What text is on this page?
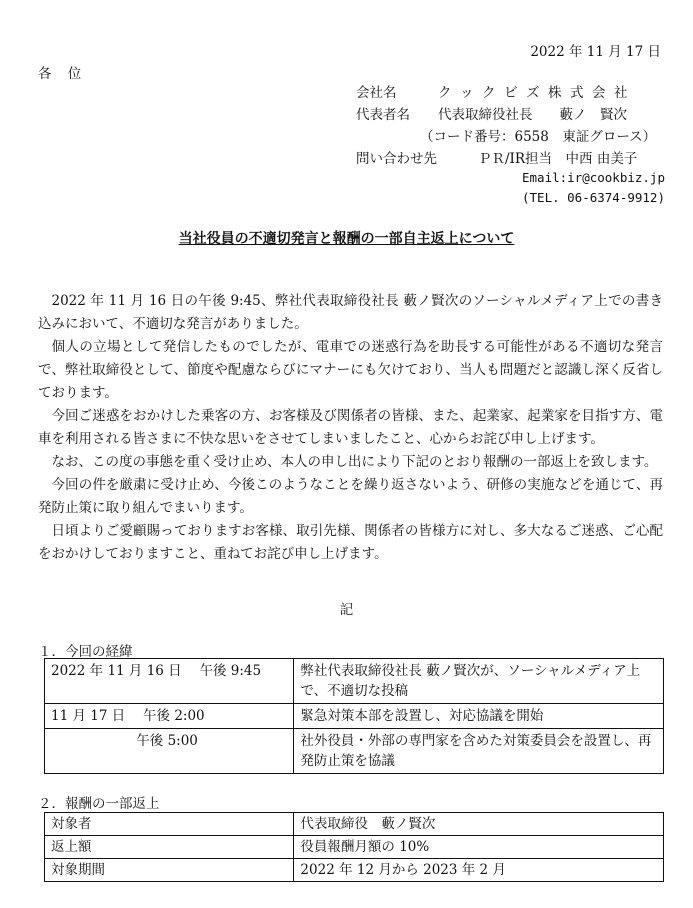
2022 年 11 月 17 日
各 位
会社名	クックビズ株式会社
代表者名 代表取締役社長　　藪ノ　賢次
（コード番号：6558　東証グロース）
問い合わせ先	ＰＲ/IR担当　中西 由美子
Email:ir@cookbiz.jp
(TEL. 06-6374-9912)
当社役員の不適切発言と報酬の一部自主返上について

2022 年 11 月 16 日の午後 9:45、弊社代表取締役社長 藪ノ賢次のソーシャルメディア上での書き込みにおいて、不適切な発言がありました。

個人の立場として発信したものでしたが、電車での迷惑行為を助長する可能性がある不適切な発言で、弊社取締役として、節度や配慮ならびにマナーにも欠けており、当人も問題だと認識し深く反省しております。

今回ご迷惑をおかけした乗客の方、お客様及び関係者の皆様、また、起業家、起業家を目指す方、電車を利用される皆さまに不快な思いをさせてしまいましたこと、心からお詫び申し上げます。

なお、この度の事態を重く受け止め、本人の申し出により下記のとおり報酬の一部返上を致します。

今回の件を厳粛に受け止め、今後このようなことを繰り返さないよう、研修の実施などを通じて、再発防止策に取り組んでまいります。

日頃よりご愛顧賜っておりますお客様、取引先様、関係者の皆様方に対し、多大なるご迷惑、ご心配をおかけしておりますこと、重ねてお詫び申し上げます。

記
１．今回の経緯
2022 年 11 月 16 日　 午後 9:45	弊社代表取締役社長 藪ノ賢次が、ソーシャルメディア上で、不適切な投稿
11 月 17 日　 午後 2:00	緊急対策本部を設置し、対応協議を開始
　　　　　 　午後 5:00	社外役員・外部の専門家を含めた対策委員会を設置し、再発防止策を協議
２．報酬の一部返上
対象者	代表取締役　藪ノ賢次
返上額	役員報酬月額の 10%
対象期間	2022 年 12 月から 2023 年 2 月
